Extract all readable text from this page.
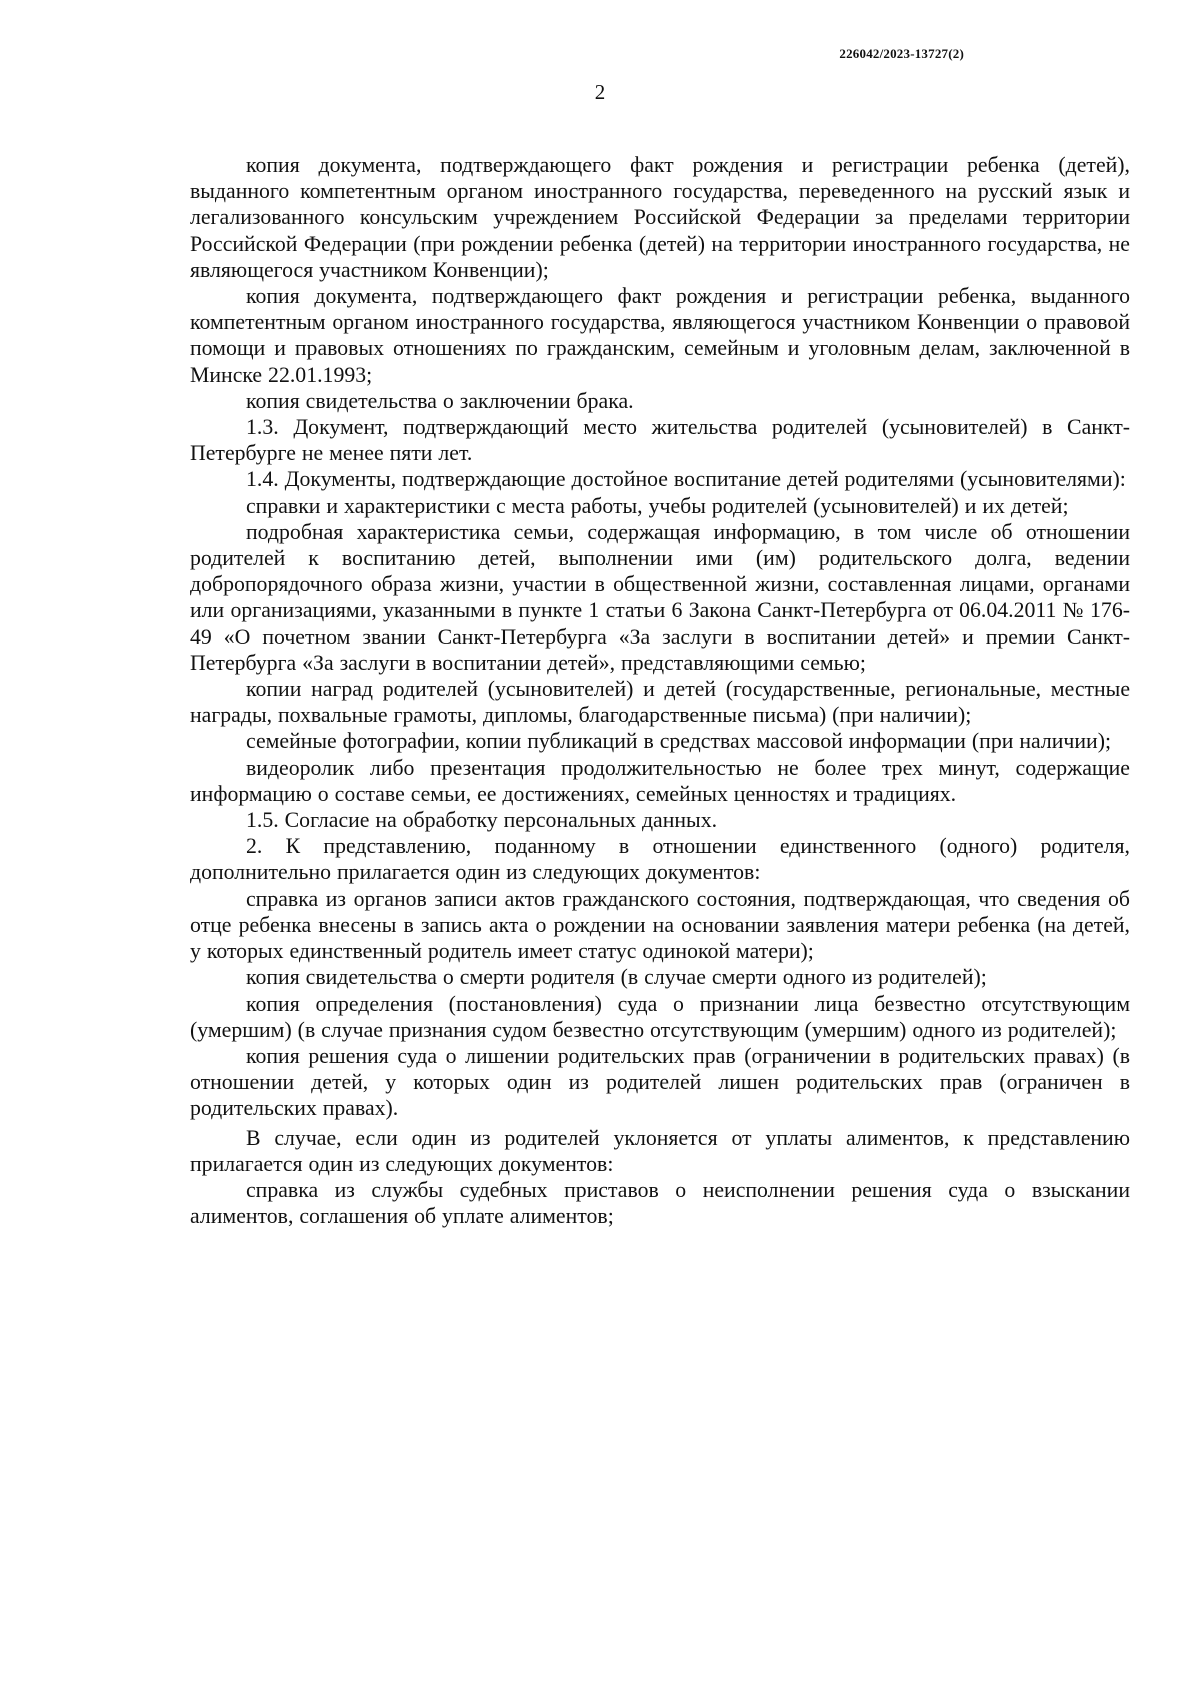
226042/2023-13727(2)
2

копия документа, подтверждающего факт рождения и регистрации ребенка (детей), выданного компетентным органом иностранного государства, переведенного на русский язык и легализованного консульским учреждением Российской Федерации за пределами территории Российской Федерации (при рождении ребенка (детей) на территории иностранного государства, не являющегося участником Конвенции);

копия документа, подтверждающего факт рождения и регистрации ребенка, выданного компетентным органом иностранного государства, являющегося участником Конвенции о правовой помощи и правовых отношениях по гражданским, семейным и уголовным делам, заключенной в Минске 22.01.1993;

копия свидетельства о заключении брака.

1.3. Документ, подтверждающий место жительства родителей (усыновителей) в Санкт-Петербурге не менее пяти лет.

1.4. Документы, подтверждающие достойное воспитание детей родителями (усыновителями):

справки и характеристики с места работы, учебы родителей (усыновителей) и их детей;

подробная характеристика семьи, содержащая информацию, в том числе об отношении родителей к воспитанию детей, выполнении ими (им) родительского долга, ведении добропорядочного образа жизни, участии в общественной жизни, составленная лицами, органами или организациями, указанными в пункте 1 статьи 6 Закона Санкт-Петербурга от 06.04.2011 № 176-49 «О почетном звании Санкт-Петербурга «За заслуги в воспитании детей» и премии Санкт-Петербурга «За заслуги в воспитании детей», представляющими семью;

копии наград родителей (усыновителей) и детей (государственные, региональные, местные награды, похвальные грамоты, дипломы, благодарственные письма) (при наличии);

семейные фотографии, копии публикаций в средствах массовой информации (при наличии);

видеоролик либо презентация продолжительностью не более трех минут, содержащие информацию о составе семьи, ее достижениях, семейных ценностях и традициях.

1.5. Согласие на обработку персональных данных.

2. К представлению, поданному в отношении единственного (одного) родителя, дополнительно прилагается один из следующих документов:

справка из органов записи актов гражданского состояния, подтверждающая, что сведения об отце ребенка внесены в запись акта о рождении на основании заявления матери ребенка (на детей, у которых единственный родитель имеет статус одинокой матери);

копия свидетельства о смерти родителя (в случае смерти одного из родителей);

копия определения (постановления) суда о признании лица безвестно отсутствующим (умершим) (в случае признания судом безвестно отсутствующим (умершим) одного из родителей);

копия решения суда о лишении родительских прав (ограничении в родительских правах) (в отношении детей, у которых один из родителей лишен родительских прав (ограничен в родительских правах).

В случае, если один из родителей уклоняется от уплаты алиментов, к представлению прилагается один из следующих документов:

справка из службы судебных приставов о неисполнении решения суда о взыскании алиментов, соглашения об уплате алиментов;
